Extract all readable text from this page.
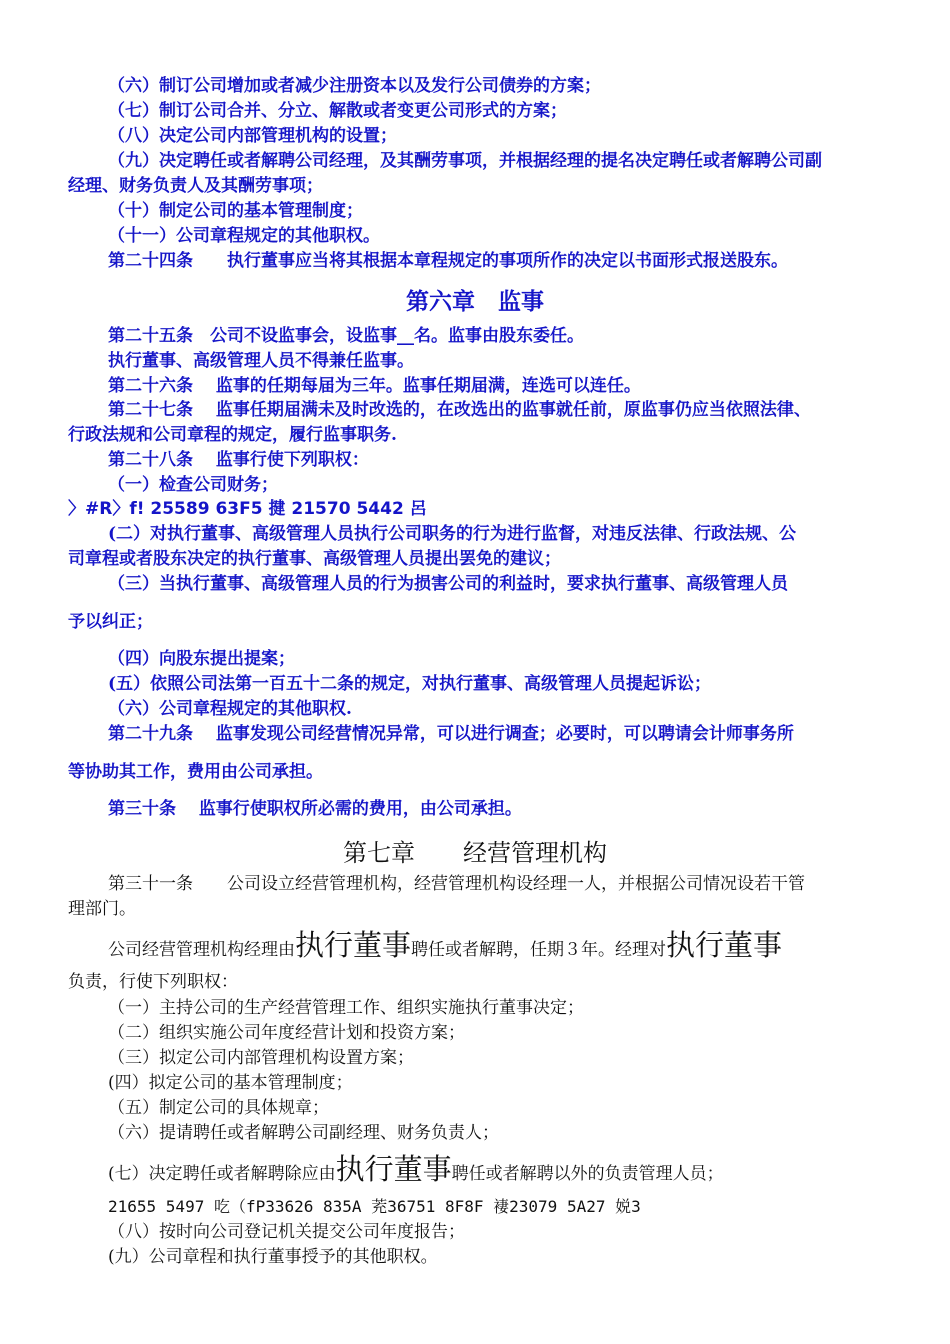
（六）制订公司增加或者减少注册资本以及发行公司债券的方案；
（七）制订公司合并、分立、解散或者变更公司形式的方案；
（八）决定公司内部管理机构的设置；
（九）决定聘任或者解聘公司经理，及其酬劳事项，并根据经理的提名决定聘任或者解聘公司副
经理、财务负责人及其酬劳事项；
（十）制定公司的基本管理制度；
（十一）公司章程规定的其他职权。
第二十四条　　执行董事应当将其根据本章程规定的事项所作的决定以书面形式报送股东。
第六章　监事
第二十五条　公司不设监事会，设监事__名。监事由股东委任。
执行董事、高级管理人员不得兼任监事。
第二十六条　 监事的任期每届为三年。监事任期届满，连选可以连任。
第二十七条　 监事任期届满未及时改选的，在改选出的监事就任前，原监事仍应当依照法律、
行政法规和公司章程的规定，履行监事职务.
第二十八条　 监事行使下列职权：
（一）检查公司财务；
〉#R〉f! 25589 63F5 揵 21570 5442 呂
(二）对执行董事、高级管理人员执行公司职务的行为进行监督，对违反法律、行政法规、公
司章程或者股东决定的执行董事、高级管理人员提出罢免的建议；
（三）当执行董事、高级管理人员的行为损害公司的利益时，要求执行董事、高级管理人员
予以纠正；
（四）向股东提出提案；
(五）依照公司法第一百五十二条的规定，对执行董事、高级管理人员提起诉讼；
（六）公司章程规定的其他职权.
第二十九条　 监事发现公司经营情况异常，可以进行调查；必要时，可以聘请会计师事务所
等协助其工作，费用由公司承担。
第三十条　 监事行使职权所必需的费用，由公司承担。
第七章　　经营管理机构
第三十一条　　公司设立经营管理机构，经营管理机构设经理一人，并根据公司情况设若干管
理部门。
公司经营管理机构经理由执行董事聘任或者解聘，任期３年。经理对执行董事
负责，行使下列职权：
（一）主持公司的生产经营管理工作、组织实施执行董事决定；
（二）组织实施公司年度经营计划和投资方案；
（三）拟定公司内部管理机构设置方案；
(四）拟定公司的基本管理制度；
（五）制定公司的具体规章；
（六）提请聘任或者解聘公司副经理、财务负责人；
(七）决定聘任或者解聘除应由执行董事聘任或者解聘以外的负责管理人员；
21655 5497 吃（fP33626 835A 茺36751 8F8F 褄23079 5A27 娧3
（八）按时向公司登记机关提交公司年度报告；
(九）公司章程和执行董事授予的其他职权。
